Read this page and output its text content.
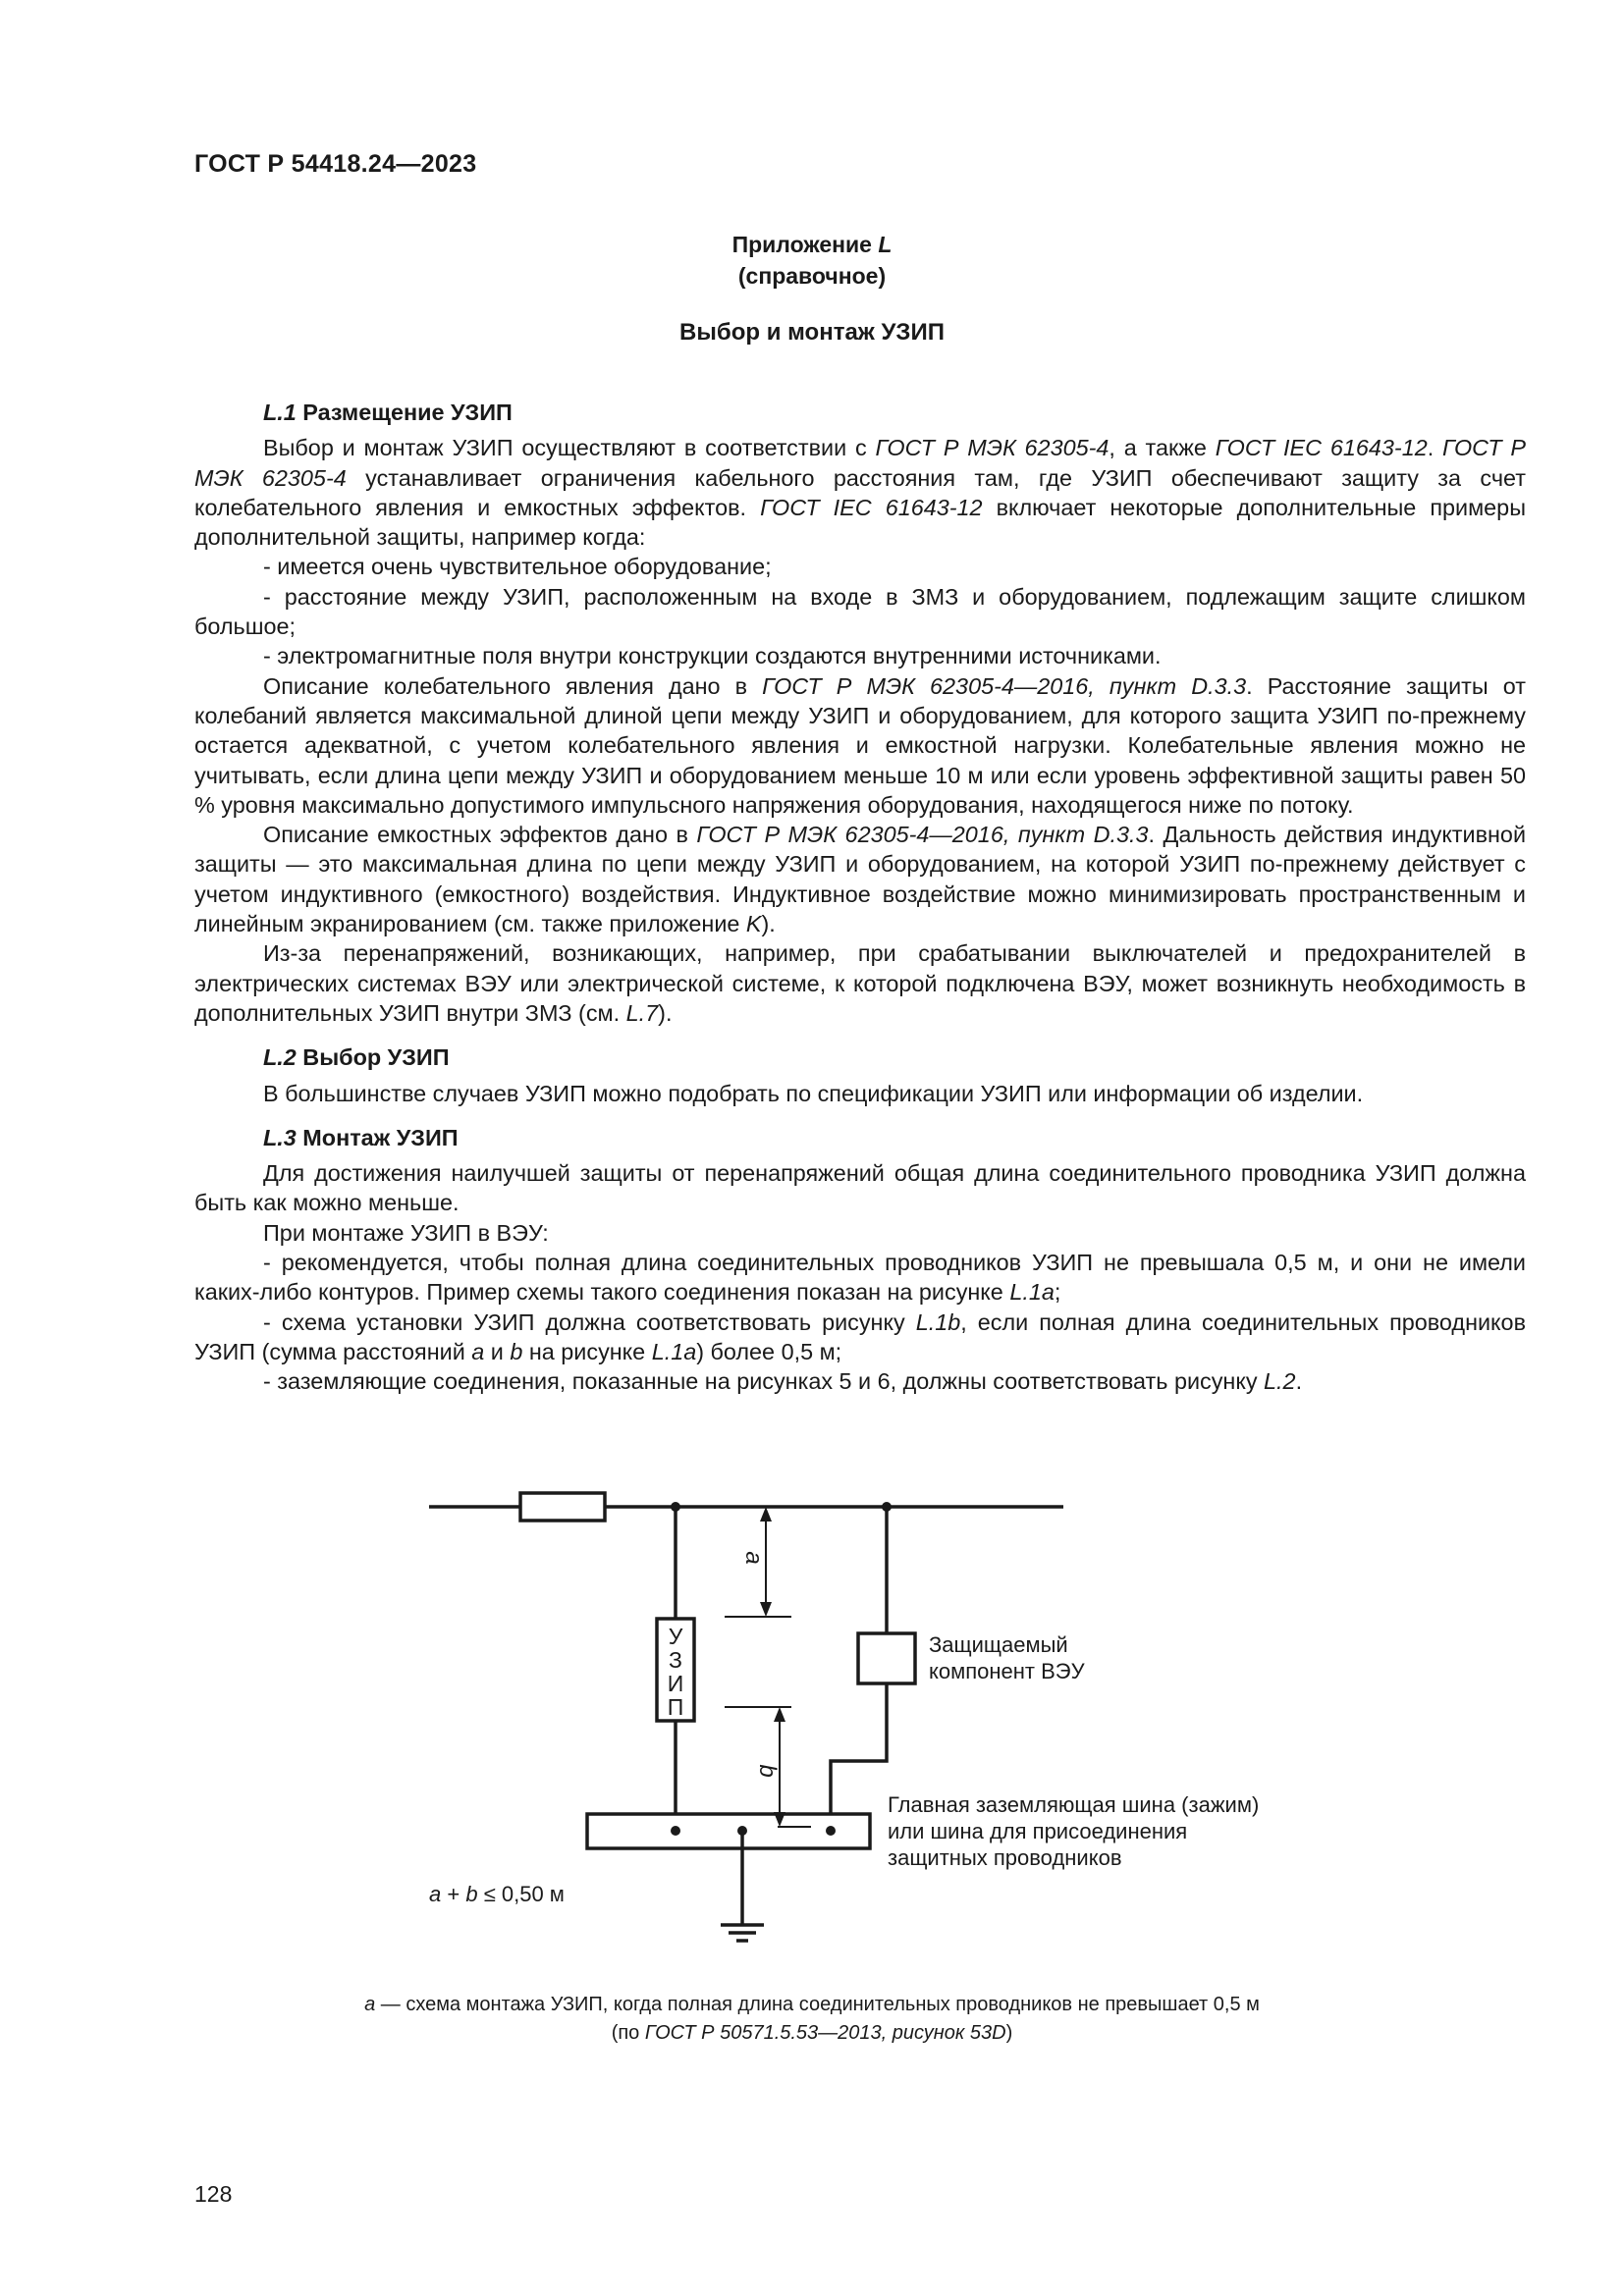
ГОСТ Р 54418.24—2023
Приложение L
(справочное)
Выбор и монтаж УЗИП

L.1 Размещение УЗИП

Выбор и монтаж УЗИП осуществляют в соответствии с ГОСТ Р МЭК 62305-4, а также ГОСТ IEC 61643-12. ГОСТ Р МЭК 62305-4 устанавливает ограничения кабельного расстояния там, где УЗИП обеспечивают защиту за счет колебательного явления и емкостных эффектов. ГОСТ IEC 61643-12 включает некоторые дополнительные примеры дополнительной защиты, например когда:

- имеется очень чувствительное оборудование;

- расстояние между УЗИП, расположенным на входе в ЗМЗ и оборудованием, подлежащим защите слишком большое;

- электромагнитные поля внутри конструкции создаются внутренними источниками.

Описание колебательного явления дано в ГОСТ Р МЭК 62305-4—2016, пункт D.3.3. Расстояние защиты от колебаний является максимальной длиной цепи между УЗИП и оборудованием, для которого защита УЗИП по-прежнему остается адекватной, с учетом колебательного явления и емкостной нагрузки. Колебательные явления можно не учитывать, если длина цепи между УЗИП и оборудованием меньше 10 м или если уровень эффективной защиты равен 50 % уровня максимально допустимого импульсного напряжения оборудования, находящегося ниже по потоку.

Описание емкостных эффектов дано в ГОСТ Р МЭК 62305-4—2016, пункт D.3.3. Дальность действия индуктивной защиты — это максимальная длина по цепи между УЗИП и оборудованием, на которой УЗИП по-прежнему действует с учетом индуктивного (емкостного) воздействия. Индуктивное воздействие можно минимизировать пространственным и линейным экранированием (см. также приложение K).

Из-за перенапряжений, возникающих, например, при срабатывании выключателей и предохранителей в электрических системах ВЭУ или электрической системе, к которой подключена ВЭУ, может возникнуть необходимость в дополнительных УЗИП внутри ЗМЗ (см. L.7).

L.2 Выбор УЗИП

В большинстве случаев УЗИП можно подобрать по спецификации УЗИП или информации об изделии.

L.3 Монтаж УЗИП

Для достижения наилучшей защиты от перенапряжений общая длина соединительного проводника УЗИП должна быть как можно меньше.

При монтаже УЗИП в ВЭУ:

- рекомендуется, чтобы полная длина соединительных проводников УЗИП не превышала 0,5 м, и они не имели каких-либо контуров. Пример схемы такого соединения показан на рисунке L.1a;

- схема установки УЗИП должна соответствовать рисунку L.1b, если полная длина соединительных проводников УЗИП (сумма расстояний a и b на рисунке L.1a) более 0,5 м;

- заземляющие соединения, показанные на рисунках 5 и 6, должны соответствовать рисунку L.2.

a
b
У
З
И
П
Защищаемый
компонент ВЭУ
Главная заземляющая шина (зажим)
или шина для присоединения
защитных проводников
a + b ≤ 0,50 м
a — схема монтажа УЗИП, когда полная длина соединительных проводников не превышает 0,5 м
(по ГОСТ Р 50571.5.53—2013, рисунок 53D)
128
